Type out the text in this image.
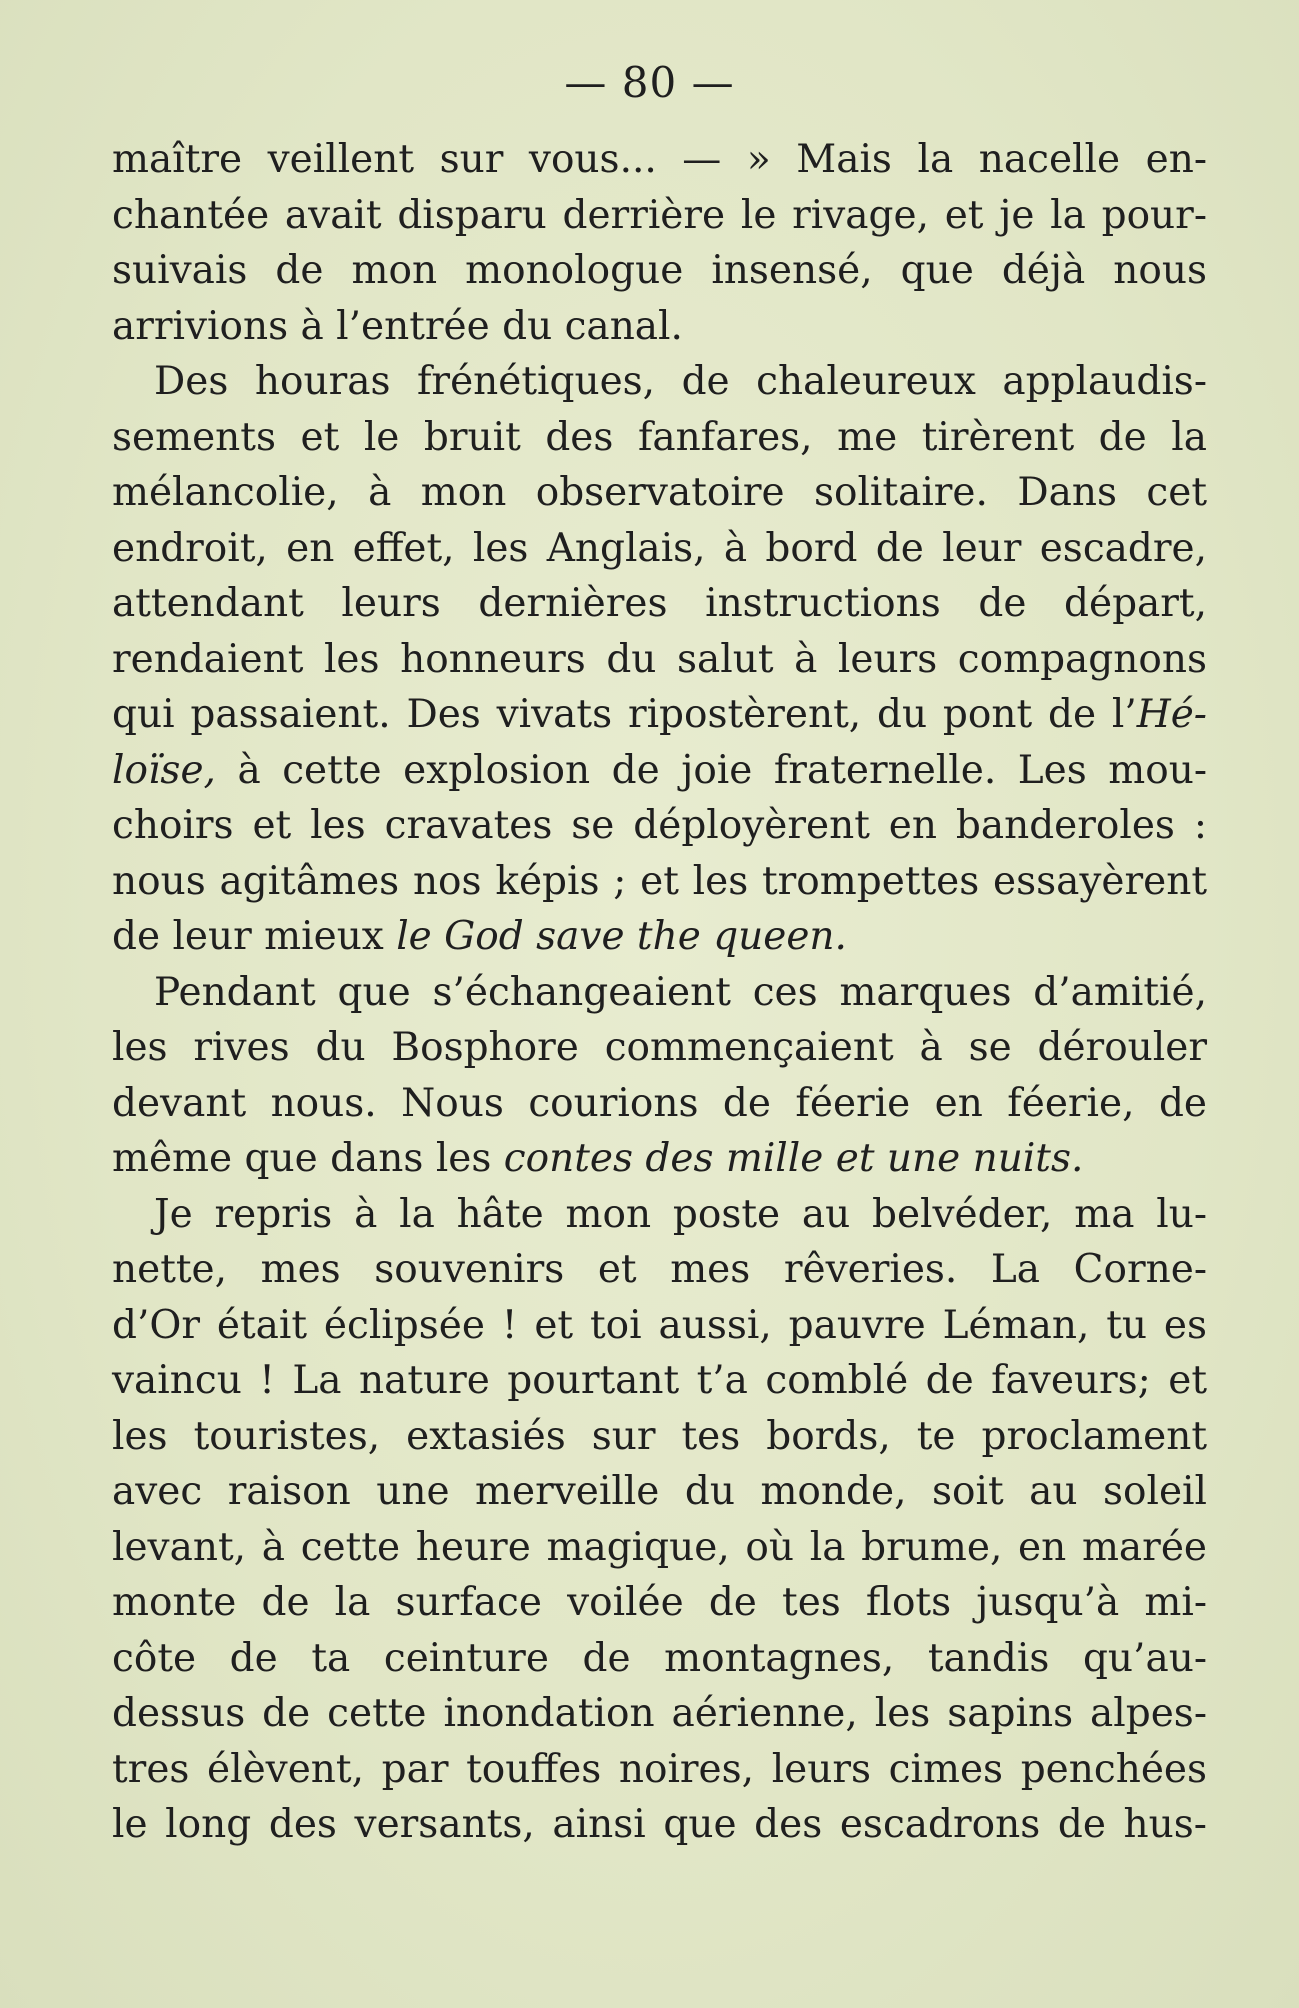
— 80 —
maître veillent sur vous... — » Mais la nacelle en-
chantée avait disparu derrière le rivage, et je la pour-
suivais de mon monologue insensé, que déjà nous
arrivions à l’entrée du canal.
Des houras frénétiques, de chaleureux applaudis-
sements et le bruit des fanfares, me tirèrent de la
mélancolie, à mon observatoire solitaire. Dans cet
endroit, en effet, les Anglais, à bord de leur escadre,
attendant leurs dernières instructions de départ,
rendaient les honneurs du salut à leurs compagnons
qui passaient. Des vivats ripostèrent, du pont de l’Hé-
loïse, à cette explosion de joie fraternelle. Les mou-
choirs et les cravates se déployèrent en banderoles :
nous agitâmes nos képis ; et les trompettes essayèrent
de leur mieux le God save the queen.
Pendant que s’échangeaient ces marques d’amitié,
les rives du Bosphore commençaient à se dérouler
devant nous. Nous courions de féerie en féerie, de
même que dans les contes des mille et une nuits.
Je repris à la hâte mon poste au belvéder, ma lu-
nette, mes souvenirs et mes rêveries. La Corne-
d’Or était éclipsée ! et toi aussi, pauvre Léman, tu es
vaincu ! La nature pourtant t’a comblé de faveurs; et
les touristes, extasiés sur tes bords, te proclament
avec raison une merveille du monde, soit au soleil
levant, à cette heure magique, où la brume, en marée
monte de la surface voilée de tes flots jusqu’à mi-
côte de ta ceinture de montagnes, tandis qu’au-
dessus de cette inondation aérienne, les sapins alpes-
tres élèvent, par touffes noires, leurs cimes penchées
le long des versants, ainsi que des escadrons de hus-
